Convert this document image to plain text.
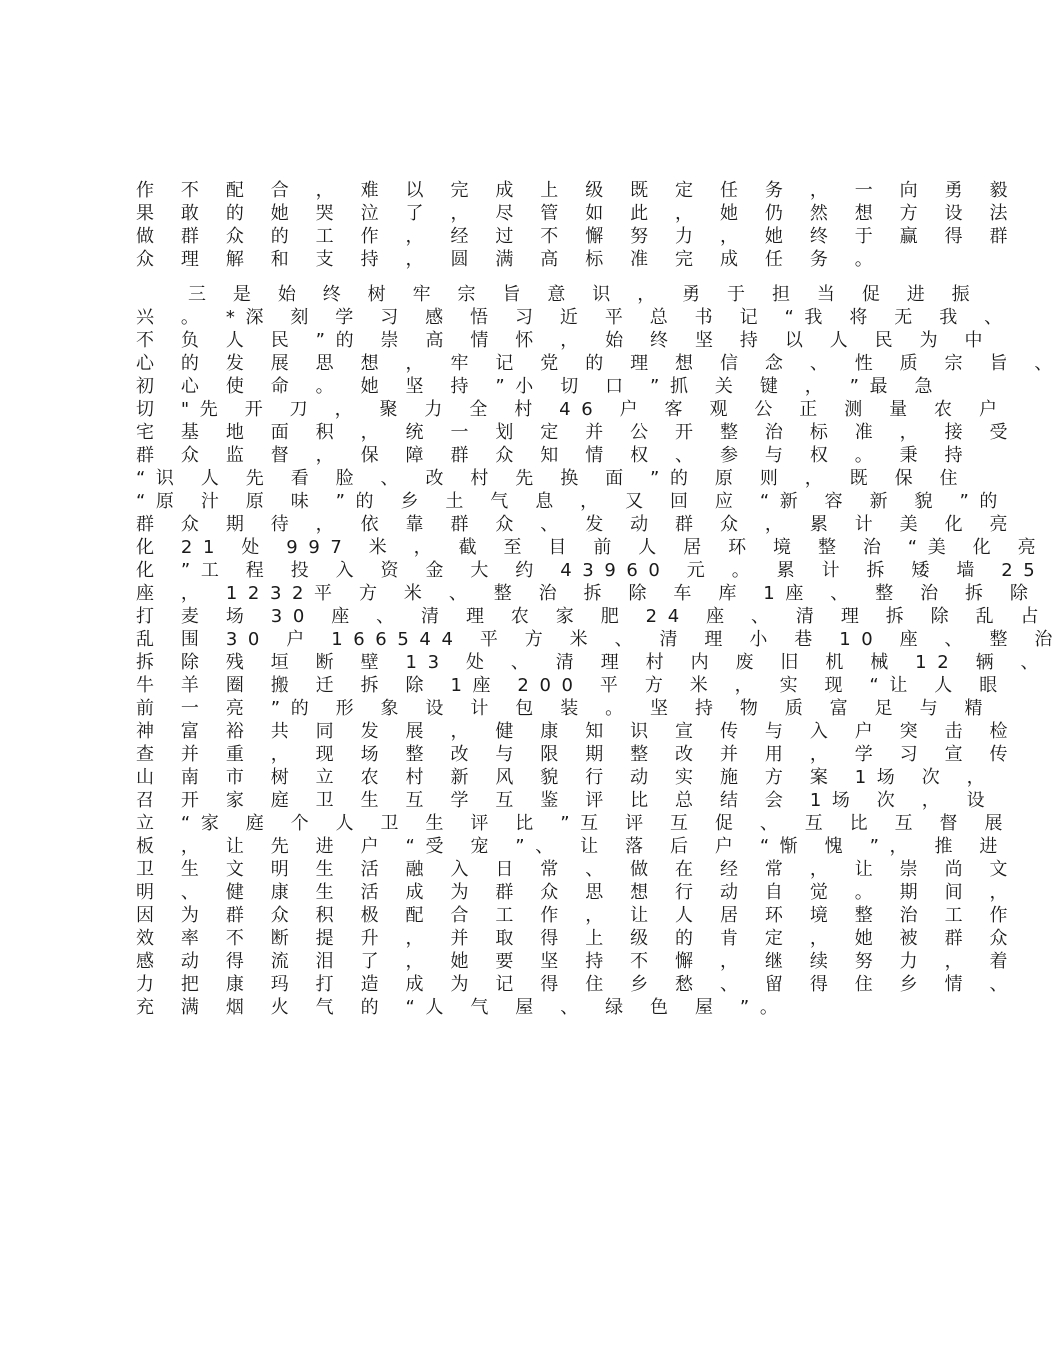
作 不 配 合 ， 难 以 完 成 上 级 既 定 任 务 ， 一 向 勇 毅
果 敢 的 她 哭 泣 了 ， 尽 管 如 此 ， 她 仍 然 想 方 设 法
做 群 众 的 工 作 ， 经 过 不 懈 努 力 ， 她 终 于 赢 得 群
众 理 解 和 支 持 ， 圆 满 高 标 准 完 成 任 务 。
三 是 始 终 树 牢 宗 旨 意 识 ， 勇 于 担 当 促 进 振
兴 。 *深 刻 学 习 感 悟 习 近 平 总 书 记 “我 将 无 我 、
不 负 人 民 ”的 崇 高 情 怀 ， 始 终 坚 持 以 人 民 为 中
心 的 发 展 思 想 ， 牢 记 党 的 理 想 信 念 、 性 质 宗 旨 、
初 心 使 命 。 她 坚 持 ”小 切 口 ”抓 关 键 ， ”最 急
切 "先 开 刀 ， 聚 力 全 村 46 户 客 观 公 正 测 量 农 户
宅 基 地 面 积 ， 统 一 划 定 并 公 开 整 治 标 准 ， 接 受
群 众 监 督 ， 保 障 群 众 知 情 权 、 参 与 权 。 秉 持
“识 人 先 看 脸 、 改 村 先 换 面 ”的 原 则 ， 既 保 住
“原 汁 原 味 ”的 乡 土 气 息 ， 又 回 应 “新 容 新 貌 ”的
群 众 期 待 ， 依 靠 群 众 、 发 动 群 众 ， 累 计 美 化 亮
化 21 处 997 米 ， 截 至 目 前 人 居 环 境 整 治 “美 化 亮
化 ”工 程 投 入 资 金 大 约 43960 元 。 累 计 拆 矮 墙 25
座 ， 1232平 方 米 、 整 治 拆 除 车 库 1座 、 整 治 拆 除
打 麦 场 30 座 、 清 理 农 家 肥 24 座 、 清 理 拆 除 乱 占
乱 围 30 户 166544 平 方 米 、 清 理 小 巷 10 座 、 整 治
拆 除 残 垣 断 壁 13 处 、 清 理 村 内 废 旧 机 械 12 辆 、
牛 羊 圈 搬 迁 拆 除 1座 200 平 方 米 ， 实 现 “让 人 眼
前 一 亮 ”的 形 象 设 计 包 装 。 坚 持 物 质 富 足 与 精
神 富 裕 共 同 发 展 ， 健 康 知 识 宣 传 与 入 户 突 击 检
查 并 重 ， 现 场 整 改 与 限 期 整 改 并 用 ， 学 习 宣 传
山 南 市 树 立 农 村 新 风 貌 行 动 实 施 方 案 1场 次 ，
召 开 家 庭 卫 生 互 学 互 鉴 评 比 总 结 会 1场 次 ， 设
立 “家 庭 个 人 卫 生 评 比 ”互 评 互 促 、 互 比 互 督 展
板 ， 让 先 进 户 “受 宠 ”、 让 落 后 户 “惭 愧 ”， 推 进
卫 生 文 明 生 活 融 入 日 常 、 做 在 经 常 ， 让 崇 尚 文
明 、 健 康 生 活 成 为 群 众 思 想 行 动 自 觉 。 期 间 ，
因 为 群 众 积 极 配 合 工 作 ， 让 人 居 环 境 整 治 工 作
效 率 不 断 提 升 ， 并 取 得 上 级 的 肯 定 ， 她 被 群 众
感 动 得 流 泪 了 ， 她 要 坚 持 不 懈 ， 继 续 努 力 ， 着
力 把 康 玛 打 造 成 为 记 得 住 乡 愁 、 留 得 住 乡 情 、
充 满 烟 火 气 的 “人 气 屋 、 绿 色 屋 ”。
